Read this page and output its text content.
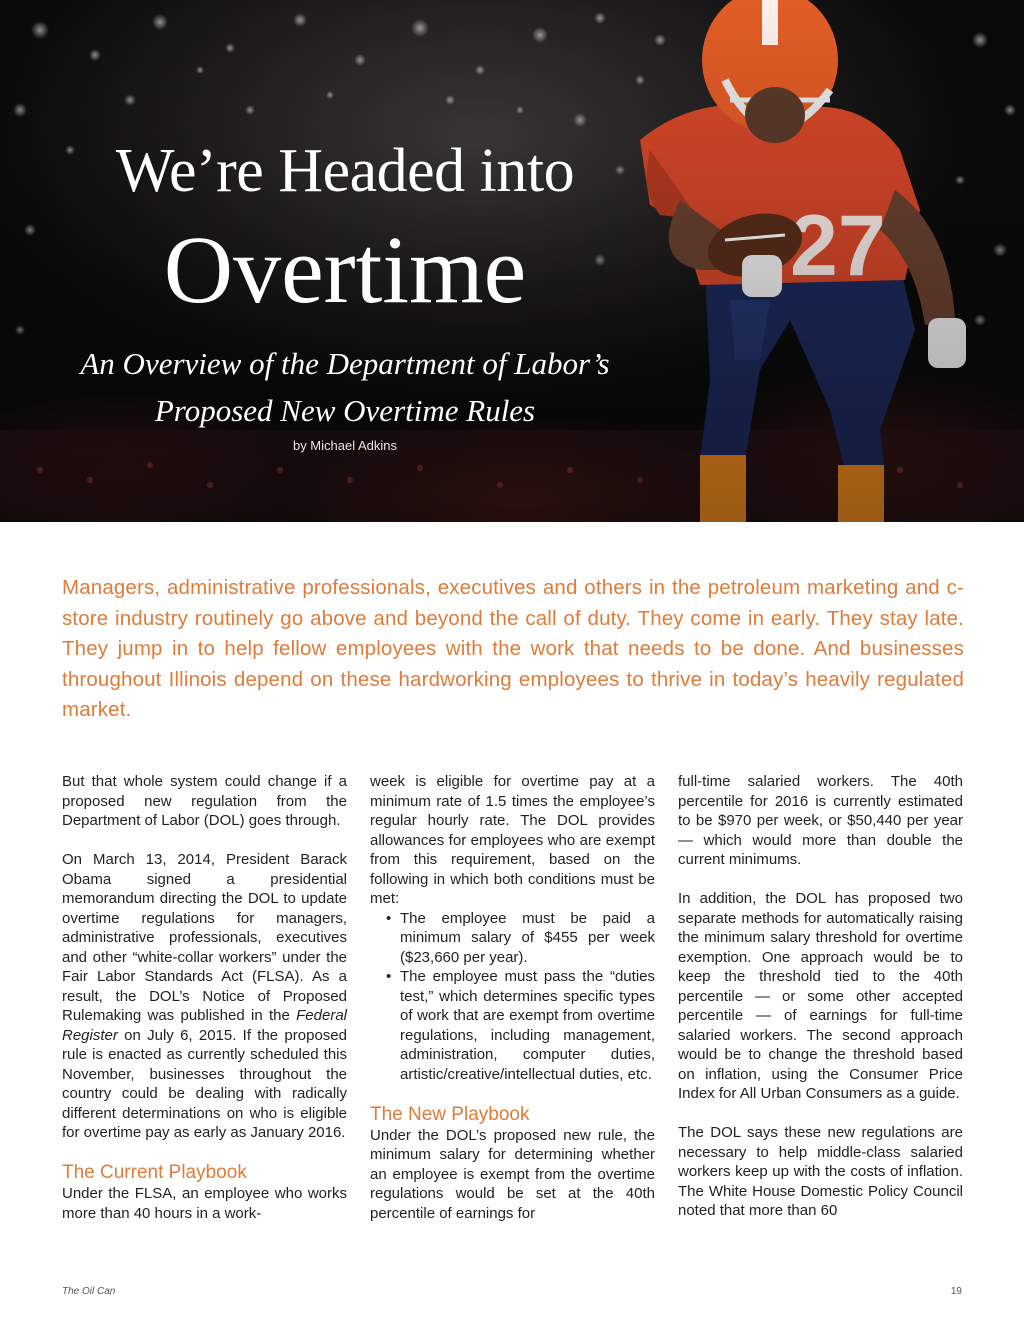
We’re Headed into
Overtime
An Overview of the Department of Labor’s
Proposed New Overtime Rules
by Michael Adkins
Managers, administrative professionals, executives and others in the petroleum marketing and c-store industry routinely go above and beyond the call of duty. They come in early. They stay late. They jump in to help fellow employees with the work that needs to be done. And businesses throughout Illinois depend on these hardworking employees to thrive in today’s heavily regulated market.

But that whole system could change if a proposed new regulation from the Department of Labor (DOL) goes through.

On March 13, 2014, President Barack Obama signed a presidential memorandum directing the DOL to update overtime regulations for managers, administrative professionals, executives and other “white-collar workers” under the Fair Labor Standards Act (FLSA). As a result, the DOL’s Notice of Proposed Rulemaking was published in the Federal Register on July 6, 2015. If the proposed rule is enacted as currently scheduled this November, businesses throughout the country could be dealing with radically different determinations on who is eligible for overtime pay as early as January 2016.

The Current Playbook

Under the FLSA, an employee who works more than 40 hours in a work-

week is eligible for overtime pay at a minimum rate of 1.5 times the employee’s regular hourly rate. The DOL provides allowances for employees who are exempt from this requirement, based on the following in which both conditions must be met:

• The employee must be paid a minimum salary of $455 per week ($23,660 per year).
• The employee must pass the “duties test,” which determines specific types of work that are exempt from overtime regulations, including management, administration, computer duties, artistic/creative/intellectual duties, etc.
The New Playbook

Under the DOL’s proposed new rule, the minimum salary for determining whether an employee is exempt from the overtime regulations would be set at the 40th percentile of earnings for

full-time salaried workers. The 40th percentile for 2016 is currently estimated to be $970 per week, or $50,440 per year — which would more than double the current minimums.

In addition, the DOL has proposed two separate methods for automatically raising the minimum salary threshold for overtime exemption. One approach would be to keep the threshold tied to the 40th percentile — or some other accepted percentile — of earnings for full-time salaried workers. The second approach would be to change the threshold based on inflation, using the Consumer Price Index for All Urban Consumers as a guide.

The DOL says these new regulations are necessary to help middle-class salaried workers keep up with the costs of inflation. The White House Domestic Policy Council noted that more than 60

The Oil Can	19
